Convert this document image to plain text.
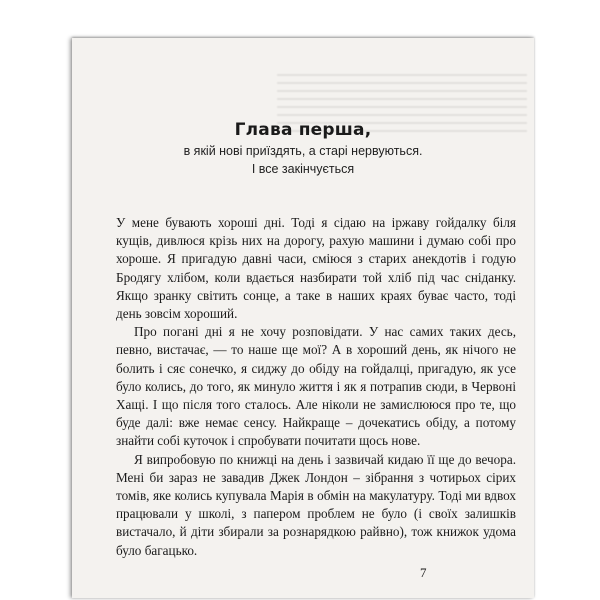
Глава перша,
в якій нові приїздять, а старі нервуються.
І все закінчується

У мене бувають хороші дні. Тоді я сідаю на іржаву гойдалку біля кущів, дивлюся крізь них на дорогу, рахую машини і думаю собі про хороше. Я пригадую давні часи, сміюся з старих анекдотів і годую Бродягу хлібом, коли вдається назбирати той хліб під час сніданку. Якщо зранку світить сонце, а таке в наших краях буває часто, тоді день зовсім хороший.

Про погані дні я не хочу розповідати. У нас самих таких десь, певно, вистачає, — то наше ще мої? А в хороший день, як нічого не болить і сяє сонечко, я сиджу до обіду на гойдалці, пригадую, як усе було колись, до того, як минуло життя і як я потрапив сюди, в Червоні Хащі. І що після того сталось. Але ніколи не замислююся про те, що буде далі: вже немає сенсу. Найкраще – дочекатись обіду, а потому знайти собі куточок і спробувати почитати щось нове.

Я випробовую по книжці на день і зазвичай кидаю її ще до вечора. Мені би зараз не завадив Джек Лондон – зібрання з чотирьох сірих томів, яке колись купувала Марія в обмін на макулатуру. Тоді ми вдвох працювали у школі, з папером проблем не було (і своїх залишків вистачало, й діти збирали за рознарядкою райвно), тож книжок удома було багацько.

7
